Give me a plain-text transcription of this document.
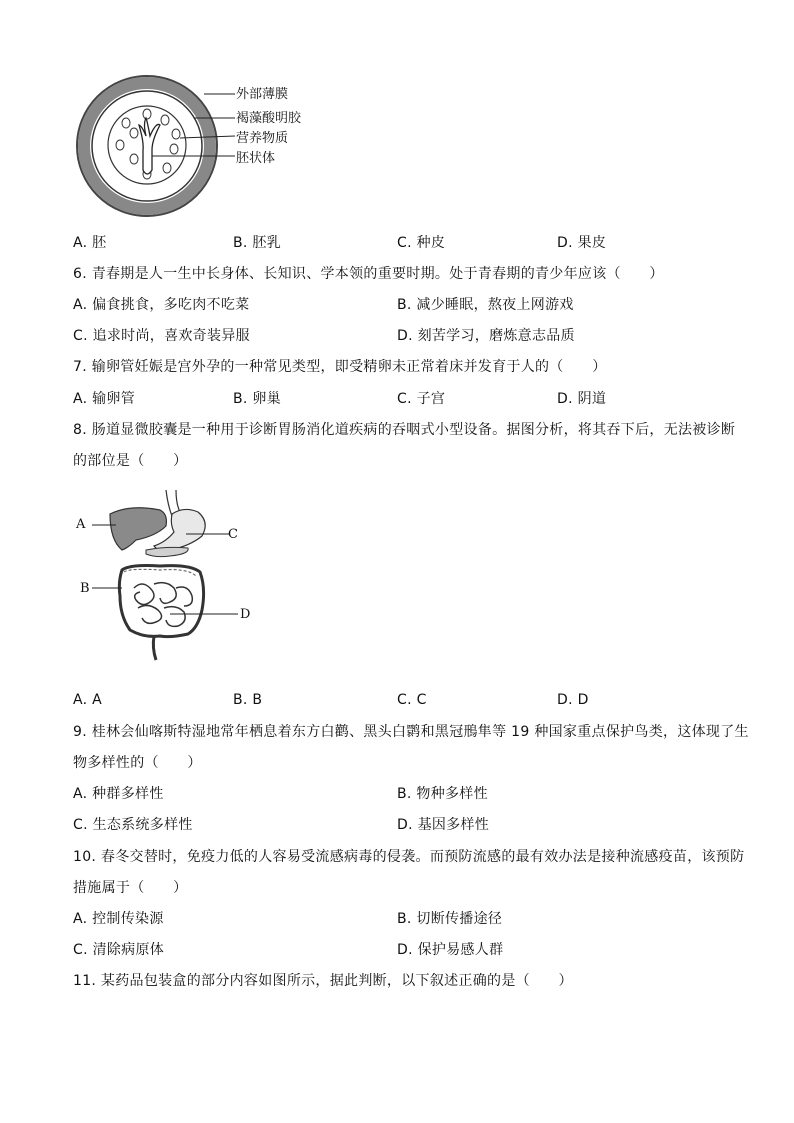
外部薄膜
褐藻酸明胶
营养物质
胚状体
A. 胚	B. 胚乳	C. 种皮	D. 果皮
6. 青春期是人一生中长身体、长知识、学本领的重要时期。处于青春期的青少年应该（　　）
A. 偏食挑食，多吃肉不吃菜	B. 减少睡眠，熬夜上网游戏
C. 追求时尚，喜欢奇装异服	D. 刻苦学习，磨炼意志品质
7. 输卵管妊娠是宫外孕的一种常见类型，即受精卵未正常着床并发育于人的（　　）
A. 输卵管	B. 卵巢	C. 子宫	D. 阴道
8. 肠道显微胶囊是一种用于诊断胃肠消化道疾病的吞咽式小型设备。据图分析，将其吞下后，无法被诊断
的部位是（　　）
A
C
B
D
A. A	B. B	C. C	D. D
9. 桂林会仙喀斯特湿地常年栖息着东方白鹳、黑头白鹮和黑冠鳽隼等 19 种国家重点保护鸟类，这体现了生
物多样性的（　　）
A. 种群多样性	B. 物种多样性
C. 生态系统多样性	D. 基因多样性
10. 春冬交替时，免疫力低的人容易受流感病毒的侵袭。而预防流感的最有效办法是接种流感疫苗，该预防
措施属于（　　）
A. 控制传染源	B. 切断传播途径
C. 清除病原体	D. 保护易感人群
11. 某药品包装盒的部分内容如图所示，据此判断，以下叙述正确的是（　　）
